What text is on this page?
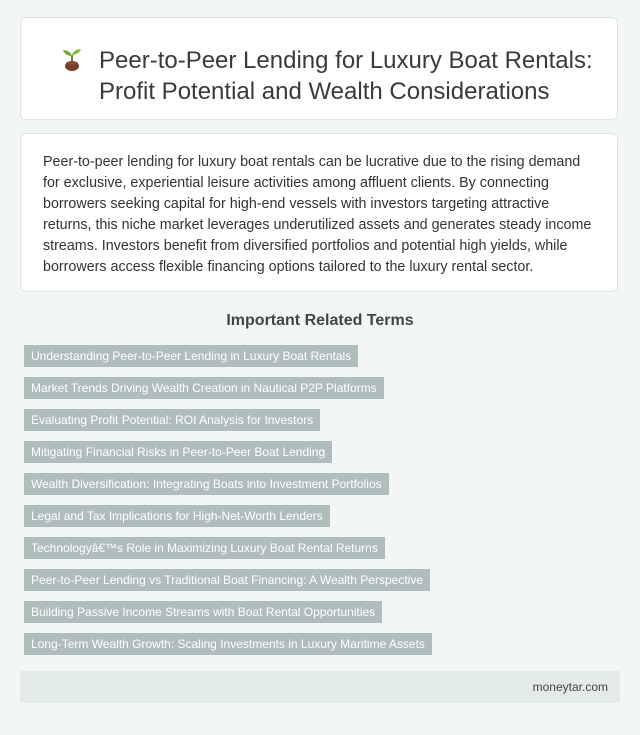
Peer-to-Peer Lending for Luxury Boat Rentals: Profit Potential and Wealth Considerations

Peer-to-peer lending for luxury boat rentals can be lucrative due to the rising demand for exclusive, experiential leisure activities among affluent clients. By connecting borrowers seeking capital for high-end vessels with investors targeting attractive returns, this niche market leverages underutilized assets and generates steady income streams. Investors benefit from diversified portfolios and potential high yields, while borrowers access flexible financing options tailored to the luxury rental sector.

Important Related Terms
Understanding Peer-to-Peer Lending in Luxury Boat Rentals
Market Trends Driving Wealth Creation in Nautical P2P Platforms
Evaluating Profit Potential: ROI Analysis for Investors
Mitigating Financial Risks in Peer-to-Peer Boat Lending
Wealth Diversification: Integrating Boats into Investment Portfolios
Legal and Tax Implications for High-Net-Worth Lenders
Technologyâ€™s Role in Maximizing Luxury Boat Rental Returns
Peer-to-Peer Lending vs Traditional Boat Financing: A Wealth Perspective
Building Passive Income Streams with Boat Rental Opportunities
Long-Term Wealth Growth: Scaling Investments in Luxury Maritime Assets
moneytar.com
